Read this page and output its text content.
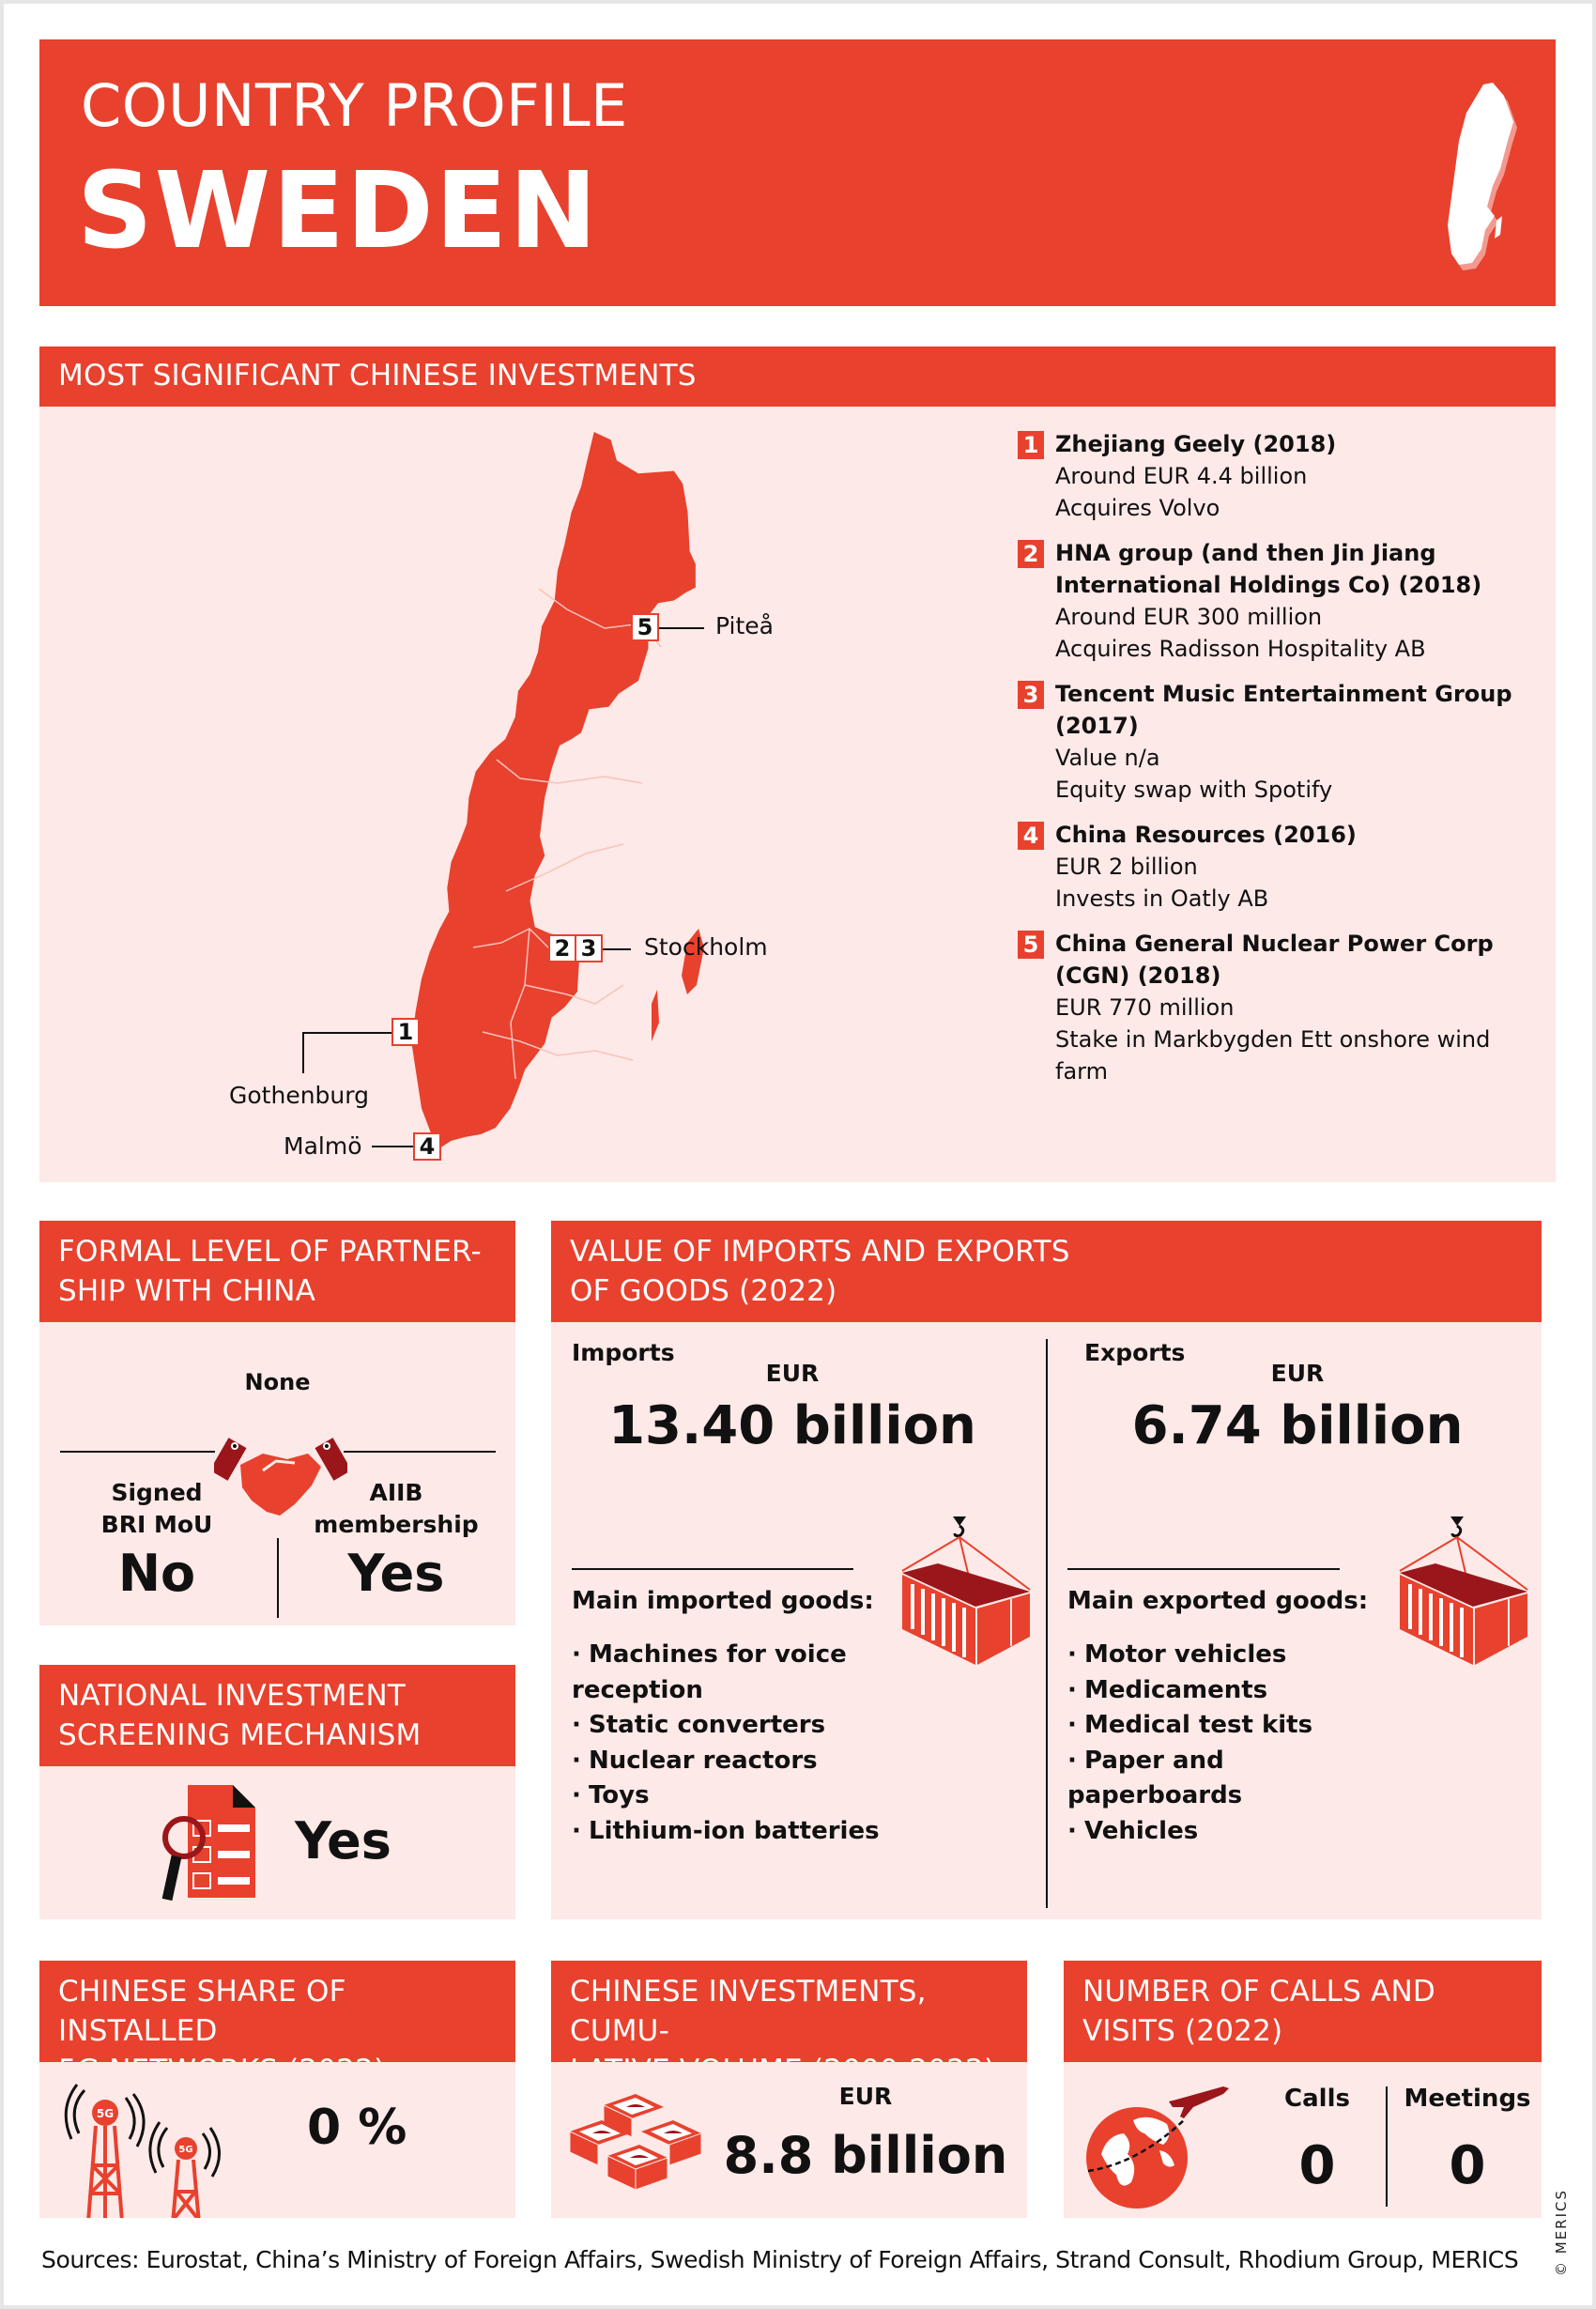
COUNTRY PROFILE
SWEDEN
MOST SIGNIFICANT CHINESE INVESTMENTS
5	Piteå
2 3 Stockholm
1
Gothenburg
Malmö	4
1 Zhejiang Geely (2018)
Around EUR 4.4 billion
Acquires Volvo
2 HNA group (and then Jin Jiang International Holdings Co) (2018)
Around EUR 300 million
Acquires Radisson Hospitality AB
3 Tencent Music Entertainment Group (2017)
Value n/a
Equity swap with Spotify
4 China Resources (2016)
EUR 2 billion
Invests in Oatly AB
5 China General Nuclear Power Corp (CGN) (2018)
EUR 770 million
Stake in Markbygden Ett onshore wind farm
FORMAL LEVEL OF PARTNER-
SHIP WITH CHINA
None
Signed
BRI MoU
AIIB
membership
No	Yes
VALUE OF IMPORTS AND EXPORTS
OF GOODS (2022)
Imports
EUR
13.40 billion
Main imported goods:
· Machines for voice reception
· Static converters
· Nuclear reactors
· Toys
· Lithium-ion batteries
Exports
EUR
6.74 billion
Main exported goods:
· Motor vehicles
· Medicaments
· Medical test kits
· Paper and paperboards
· Vehicles
NATIONAL INVESTMENT
SCREENING MECHANISM
Yes
CHINESE SHARE OF INSTALLED
5G
5G 0 %
CHINESE INVESTMENTS, CUMU-
EUR
8.8 billion
NUMBER OF CALLS AND
VISITS (2022)
Calls	Meetings
0	0
Sources: Eurostat, China’s Ministry of Foreign Affairs, Swedish Ministry of Foreign Affairs, Strand Consult, Rhodium Group, MERICS © MERICS
